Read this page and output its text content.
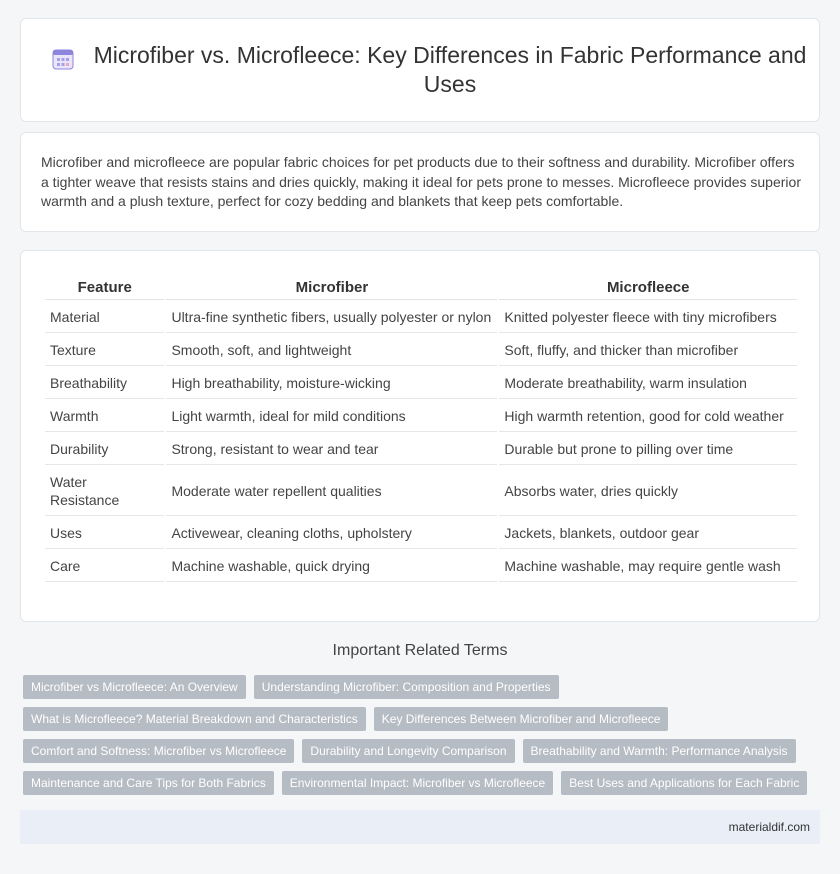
Microfiber vs. Microfleece: Key Differences in Fabric Performance and Uses

Microfiber and microfleece are popular fabric choices for pet products due to their softness and durability. Microfiber offers a tighter weave that resists stains and dries quickly, making it ideal for pets prone to messes. Microfleece provides superior warmth and a plush texture, perfect for cozy bedding and blankets that keep pets comfortable.

Feature	Microfiber	Microfleece
Material	Ultra-fine synthetic fibers, usually polyester or nylon	Knitted polyester fleece with tiny microfibers
Texture	Smooth, soft, and lightweight	Soft, fluffy, and thicker than microfiber
Breathability	High breathability, moisture-wicking	Moderate breathability, warm insulation
Warmth	Light warmth, ideal for mild conditions	High warmth retention, good for cold weather
Durability	Strong, resistant to wear and tear	Durable but prone to pilling over time
Water Resistance	Moderate water repellent qualities	Absorbs water, dries quickly
Uses	Activewear, cleaning cloths, upholstery	Jackets, blankets, outdoor gear
Care	Machine washable, quick drying	Machine washable, may require gentle wash
Important Related Terms
Microfiber vs Microfleece: An Overview	Understanding Microfiber: Composition and Properties
What is Microfleece? Material Breakdown and Characteristics	Key Differences Between Microfiber and Microfleece
Comfort and Softness: Microfiber vs Microfleece	Durability and Longevity Comparison	Breathability and Warmth: Performance Analysis
Maintenance and Care Tips for Both Fabrics	Environmental Impact: Microfiber vs Microfleece	Best Uses and Applications for Each Fabric
materialdif.com
